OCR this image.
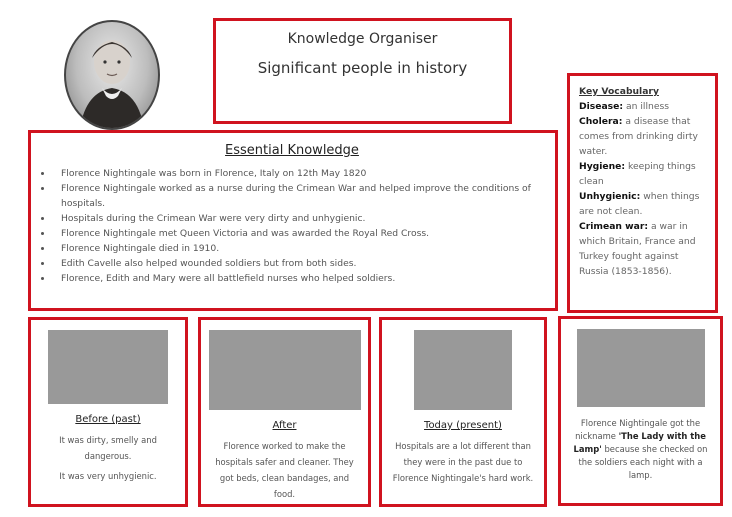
Knowledge Organiser
Significant people in history
Key Vocabulary
Disease: an illness
Cholera: a disease that comes from drinking dirty water.
Hygiene: keeping things clean
Unhygienic: when things are not clean.
Crimean war: a war in which Britain, France and Turkey fought against Russia (1853-1856).
Essential Knowledge
• Florence Nightingale was born in Florence, Italy on 12th May 1820
• Florence Nightingale worked as a nurse during the Crimean War and helped improve the conditions of hospitals.
• Hospitals during the Crimean War were very dirty and unhygienic.
• Florence Nightingale met Queen Victoria and was awarded the Royal Red Cross.
• Florence Nightingale died in 1910.
• Edith Cavelle also helped wounded soldiers but from both sides.
• Florence, Edith and Mary were all battlefield nurses who helped soldiers.
Before (past)
It was dirty, smelly and dangerous.
It was very unhygienic.
After
Florence worked to make the hospitals safer and cleaner. They got beds, clean bandages, and food.
Today (present)
Hospitals are a lot different than they were in the past due to Florence Nightingale's hard work.
Florence Nightingale got the nickname 'The Lady with the Lamp' because she checked on the soldiers each night with a lamp.
